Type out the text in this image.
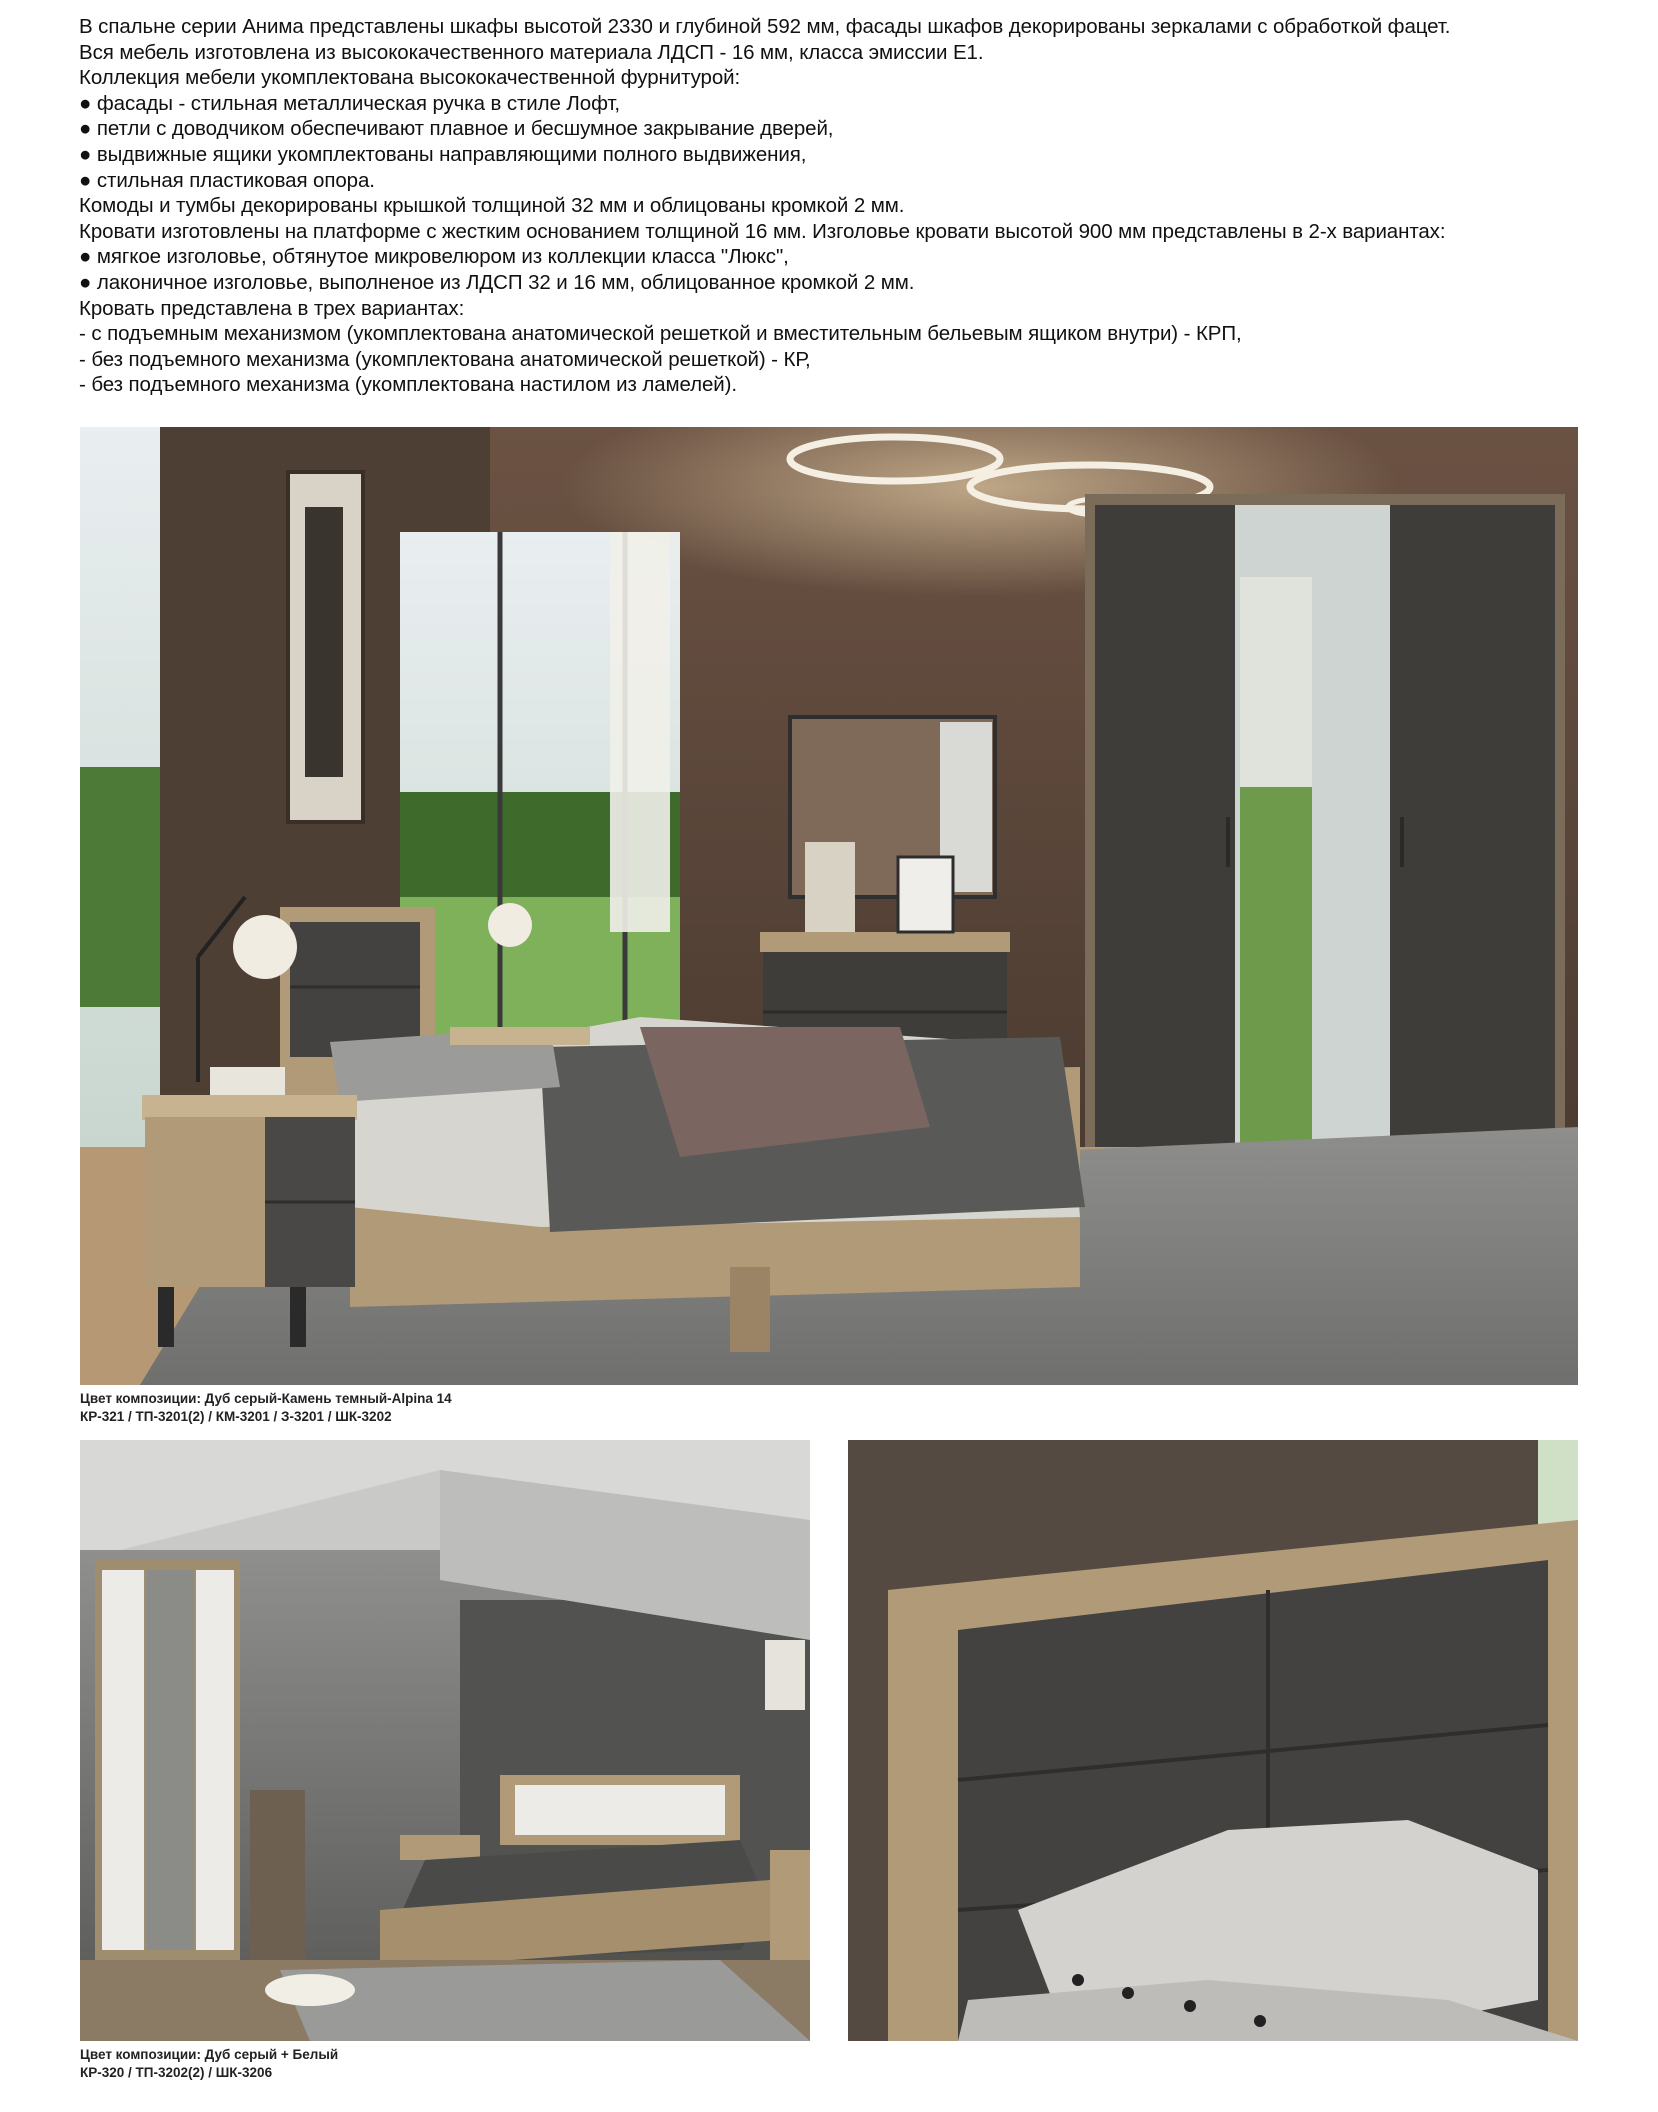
В спальне серии Анима представлены шкафы высотой 2330 и глубиной 592 мм, фасады шкафов декорированы зеркалами с обработкой фацет.

Вся мебель изготовлена из высококачественного материала ЛДСП - 16 мм, класса эмиссии Е1.

Коллекция мебели укомплектована высококачественной фурнитурой:

● фасады - стильная металлическая ручка в стиле Лофт,

● петли с доводчиком обеспечивают плавное и бесшумное закрывание дверей,

● выдвижные ящики укомплектованы направляющими полного выдвижения,

● стильная пластиковая опора.

Комоды и тумбы декорированы крышкой толщиной 32 мм и облицованы кромкой 2 мм.

Кровати изготовлены на платформе с жестким основанием толщиной 16 мм. Изголовье кровати высотой 900 мм представлены в 2-х вариантах:

● мягкое изголовье, обтянутое микровелюром из коллекции класса "Люкс",

● лаконичное изголовье, выполненое из ЛДСП 32 и 16 мм, облицованное кромкой 2 мм.

Кровать представлена в трех вариантах:

- с подъемным механизмом (укомплектована анатомической решеткой и вместительным бельевым ящиком внутри) - КРП,

- без подъемного механизма (укомплектована анатомической решеткой) - КР,

- без подъемного механизма (укомплектована настилом из ламелей).

Цвет композиции: Дуб серый-Камень темный-Alpina 14

КР-321 / ТП-3201(2) / КМ-3201 / З-3201 / ШК-3202

Цвет композиции: Дуб серый + Белый

КР-320 / ТП-3202(2) / ШК-3206
